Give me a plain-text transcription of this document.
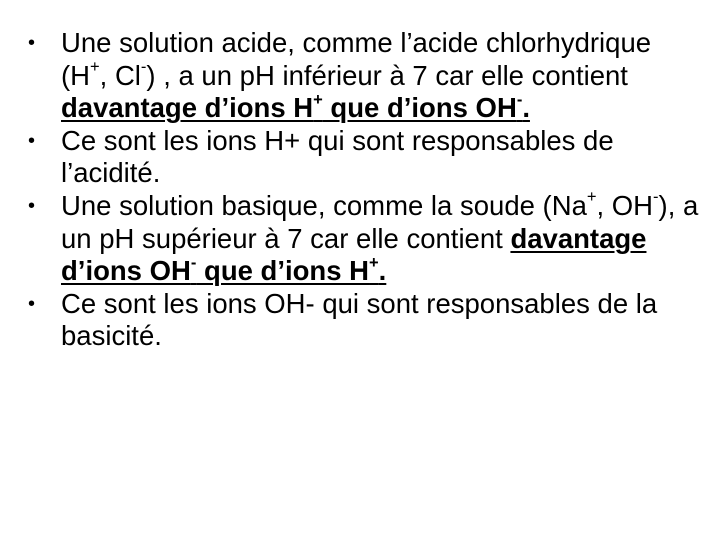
• Une solution acide, comme l’acide chlorhydrique (H+, Cl-) , a un pH inférieur à 7 car elle contient davantage d’ions H+ que d’ions OH-.
• Ce sont les ions H+ qui sont responsables de l’acidité.
• Une solution basique, comme la soude (Na+, OH-), a un pH supérieur à 7 car elle contient davantage d’ions OH- que d’ions H+.
• Ce sont les ions OH- qui sont responsables de la basicité.
